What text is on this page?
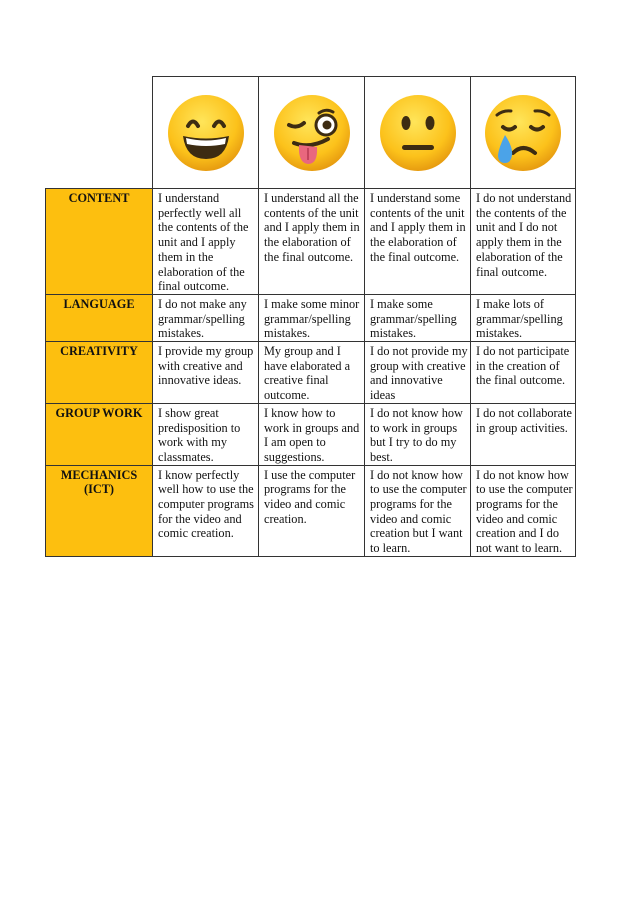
CONTENT	I understand perfectly well all the contents of the unit and I apply them in the elaboration of the final outcome.	I understand all the contents of the unit and I apply them in the elaboration of the final outcome.	I understand some contents of the unit and I apply them in the elaboration of the final outcome.	I do not understand the contents of the unit and I do not apply them in the elaboration of the final outcome.

LANGUAGE	I do not make any grammar/spelling mistakes.	I make some minor grammar/spelling mistakes.	I make some grammar/spelling mistakes.	I make lots of grammar/spelling mistakes.

CREATIVITY	I provide my group with creative and innovative ideas.	My group and I have elaborated a creative final outcome.	I do not provide my group with creative and innovative ideas	I do not participate in the creation of the final outcome.

GROUP WORK	I show great predisposition to work with my classmates.	I know how to work in groups and I am open to suggestions.	I do not know how to work in groups but I try to do my best.	I do not collaborate in group activities.

MECHANICS
(ICT)	I know perfectly well how to use the computer programs for the video and comic creation.	I use the computer programs for the video and comic creation.	I do not know how to use the computer programs for the video and comic creation but I want to learn.	I do not know how to use the computer programs for the video and comic creation and I do not want to learn.
